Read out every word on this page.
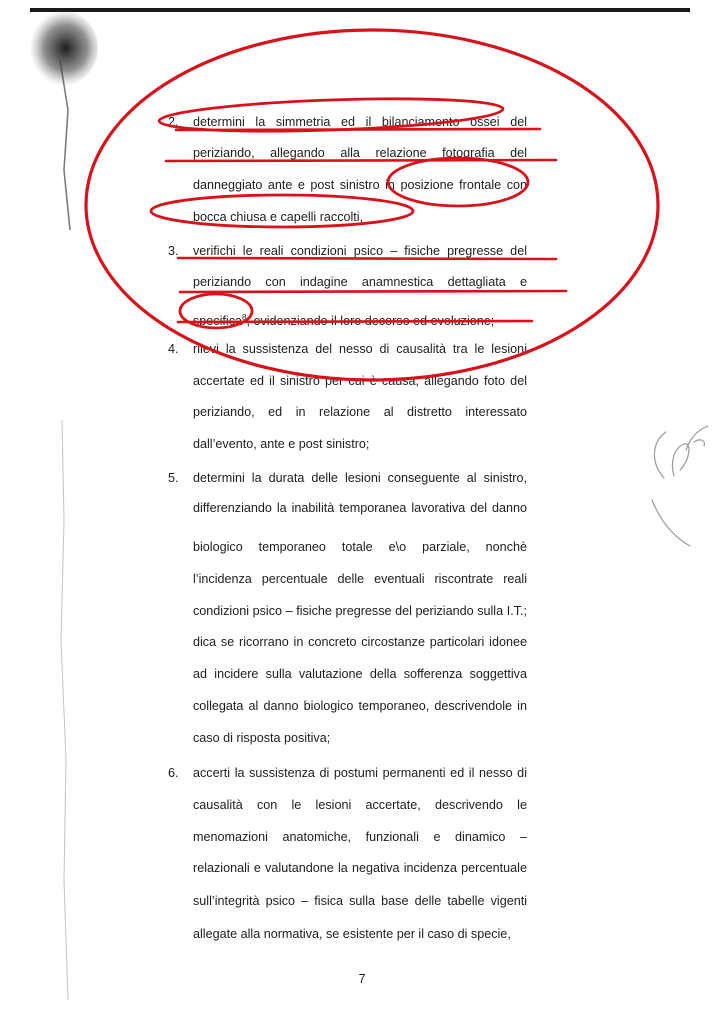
2.	determini la simmetria ed il bilanciamento ossei del
periziando, allegando alla relazione fotografia del
danneggiato ante e post sinistro in posizione frontale con
bocca chiusa e capelli raccolti,
3.	verifichi le reali condizioni psico – fisiche pregresse del
periziando con indagine anamnestica dettagliata e
specifica$^8$, evidenziando il loro decorso ed evoluzione;
4.	rilevi la sussistenza del nesso di causalità tra le lesioni
accertate ed il sinistro per cui è causa, allegando foto del
periziando, ed in relazione al distretto interessato
dall’evento, ante e post sinistro;
5.	determini la durata delle lesioni conseguente al sinistro,
differenziando la inabilità temporanea lavorativa del danno
biologico temporaneo totale e\o parziale, nonchè
l’incidenza percentuale delle eventuali riscontrate reali
condizioni psico – fisiche pregresse del periziando sulla I.T.;
dica se ricorrano in concreto circostanze particolari idonee
ad incidere sulla valutazione della sofferenza soggettiva
collegata al danno biologico temporaneo, descrivendole in
caso di risposta positiva;
6.	accerti la sussistenza di postumi permanenti ed il nesso di
causalità con le lesioni accertate, descrivendo le
menomazioni anatomiche, funzionali e dinamico –
relazionali e valutandone la negativa incidenza percentuale
sull’integrità psico – fisica sulla base delle tabelle vigenti
allegate alla normativa, se esistente per il caso di specie,
7
